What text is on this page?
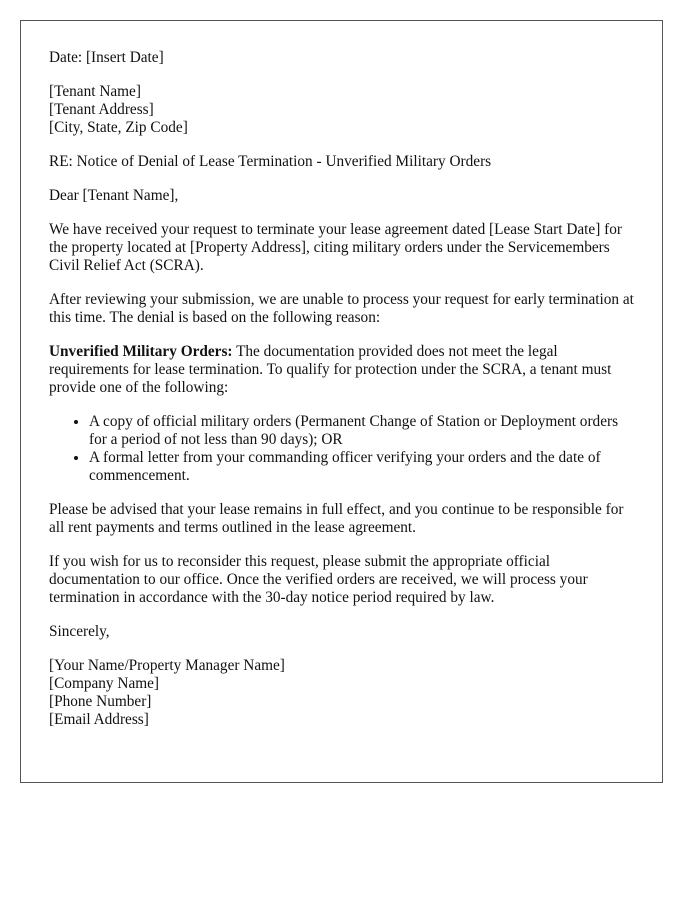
Date: [Insert Date]

[Tenant Name]
[Tenant Address]
[City, State, Zip Code]

RE: Notice of Denial of Lease Termination - Unverified Military Orders

Dear [Tenant Name],

We have received your request to terminate your lease agreement dated [Lease Start Date] for the property located at [Property Address], citing military orders under the Servicemembers Civil Relief Act (SCRA).

After reviewing your submission, we are unable to process your request for early termination at this time. The denial is based on the following reason:

Unverified Military Orders: The documentation provided does not meet the legal requirements for lease termination. To qualify for protection under the SCRA, a tenant must provide one of the following:

• A copy of official military orders (Permanent Change of Station or Deployment orders for a period of not less than 90 days); OR
• A formal letter from your commanding officer verifying your orders and the date of commencement.

Please be advised that your lease remains in full effect, and you continue to be responsible for all rent payments and terms outlined in the lease agreement.

If you wish for us to reconsider this request, please submit the appropriate official documentation to our office. Once the verified orders are received, we will process your termination in accordance with the 30-day notice period required by law.

Sincerely,

[Your Name/Property Manager Name]
[Company Name]
[Phone Number]
[Email Address]
